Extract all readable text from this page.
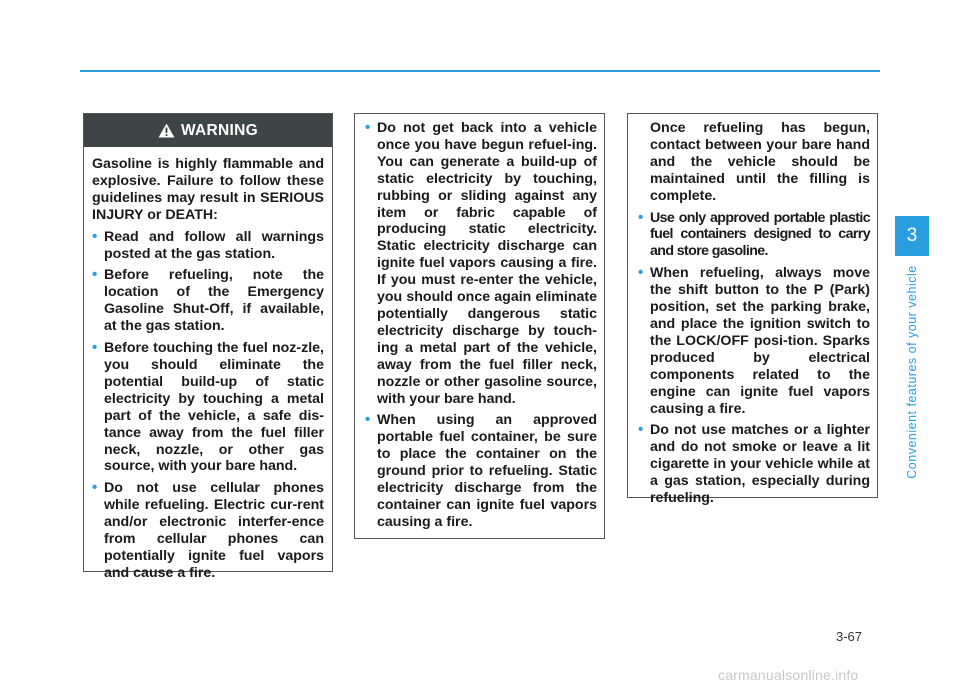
WARNING

Gasoline is highly flammable and explosive. Failure to follow these guidelines may result in SERIOUS INJURY or DEATH:

• Read and follow all warnings posted at the gas station.
• Before refueling, note the location of the Emergency Gasoline Shut-Off, if available, at the gas station.
• Before touching the fuel noz-zle, you should eliminate the potential build-up of static electricity by touching a metal part of the vehicle, a safe dis-tance away from the fuel filler neck, nozzle, or other gas source, with your bare hand.
• Do not use cellular phones while refueling. Electric cur-rent and/or electronic interfer-ence from cellular phones can potentially ignite fuel vapors and cause a fire.
• Do not get back into a vehicle once you have begun refuel-ing. You can generate a build-up of static electricity by touching, rubbing or sliding against any item or fabric capable of producing static electricity. Static electricity discharge can ignite fuel vapors causing a fire. If you must re-enter the vehicle, you should once again eliminate potentially dangerous static electricity discharge by touch-ing a metal part of the vehicle, away from the fuel filler neck, nozzle or other gasoline source, with your bare hand.
• When using an approved portable fuel container, be sure to place the container on the ground prior to refueling. Static electricity discharge from the container can ignite fuel vapors causing a fire.

Once refueling has begun, contact between your bare hand and the vehicle should be maintained until the filling is complete.

• Use only approved portable plastic fuel containers designed to carry and store gasoline.
• When refueling, always move the shift button to the P (Park) position, set the parking brake, and place the ignition switch to the LOCK/OFF posi-tion. Sparks produced by electrical components related to the engine can ignite fuel vapors causing a fire.
• Do not use matches or a lighter and do not smoke or leave a lit cigarette in your vehicle while at a gas station, especially during refueling.
3
Convenient features of your vehicle
3-67
carmanualsonline.info
